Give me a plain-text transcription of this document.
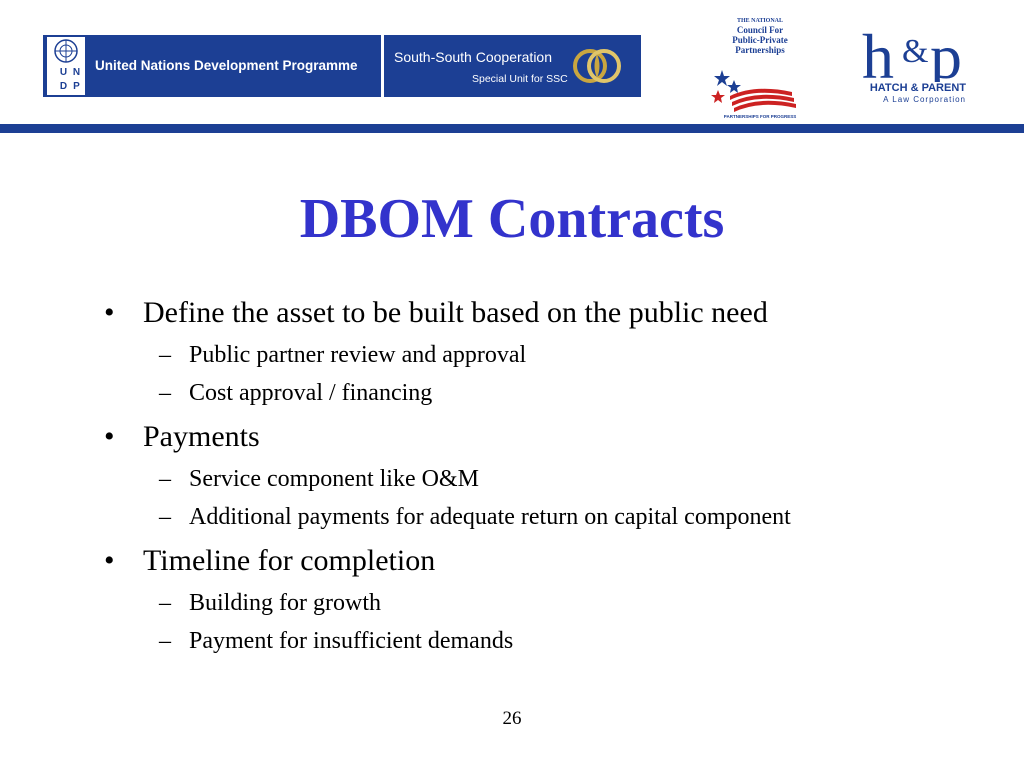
U N
D P
United Nations Development Programme
South-South Cooperation
Special Unit for SSC
THE NATIONAL
Council For
Public-Private
Partnerships
PARTNERSHIPS FOR PROGRESS
h & p
HATCH & PARENT
A Law Corporation
DBOM Contracts
• Define the asset to be built based on the public need
– Public partner review and approval
– Cost approval / financing
• Payments
– Service component like O&M
– Additional payments for adequate return on capital component
• Timeline for completion
– Building for growth
– Payment for insufficient demands
26
